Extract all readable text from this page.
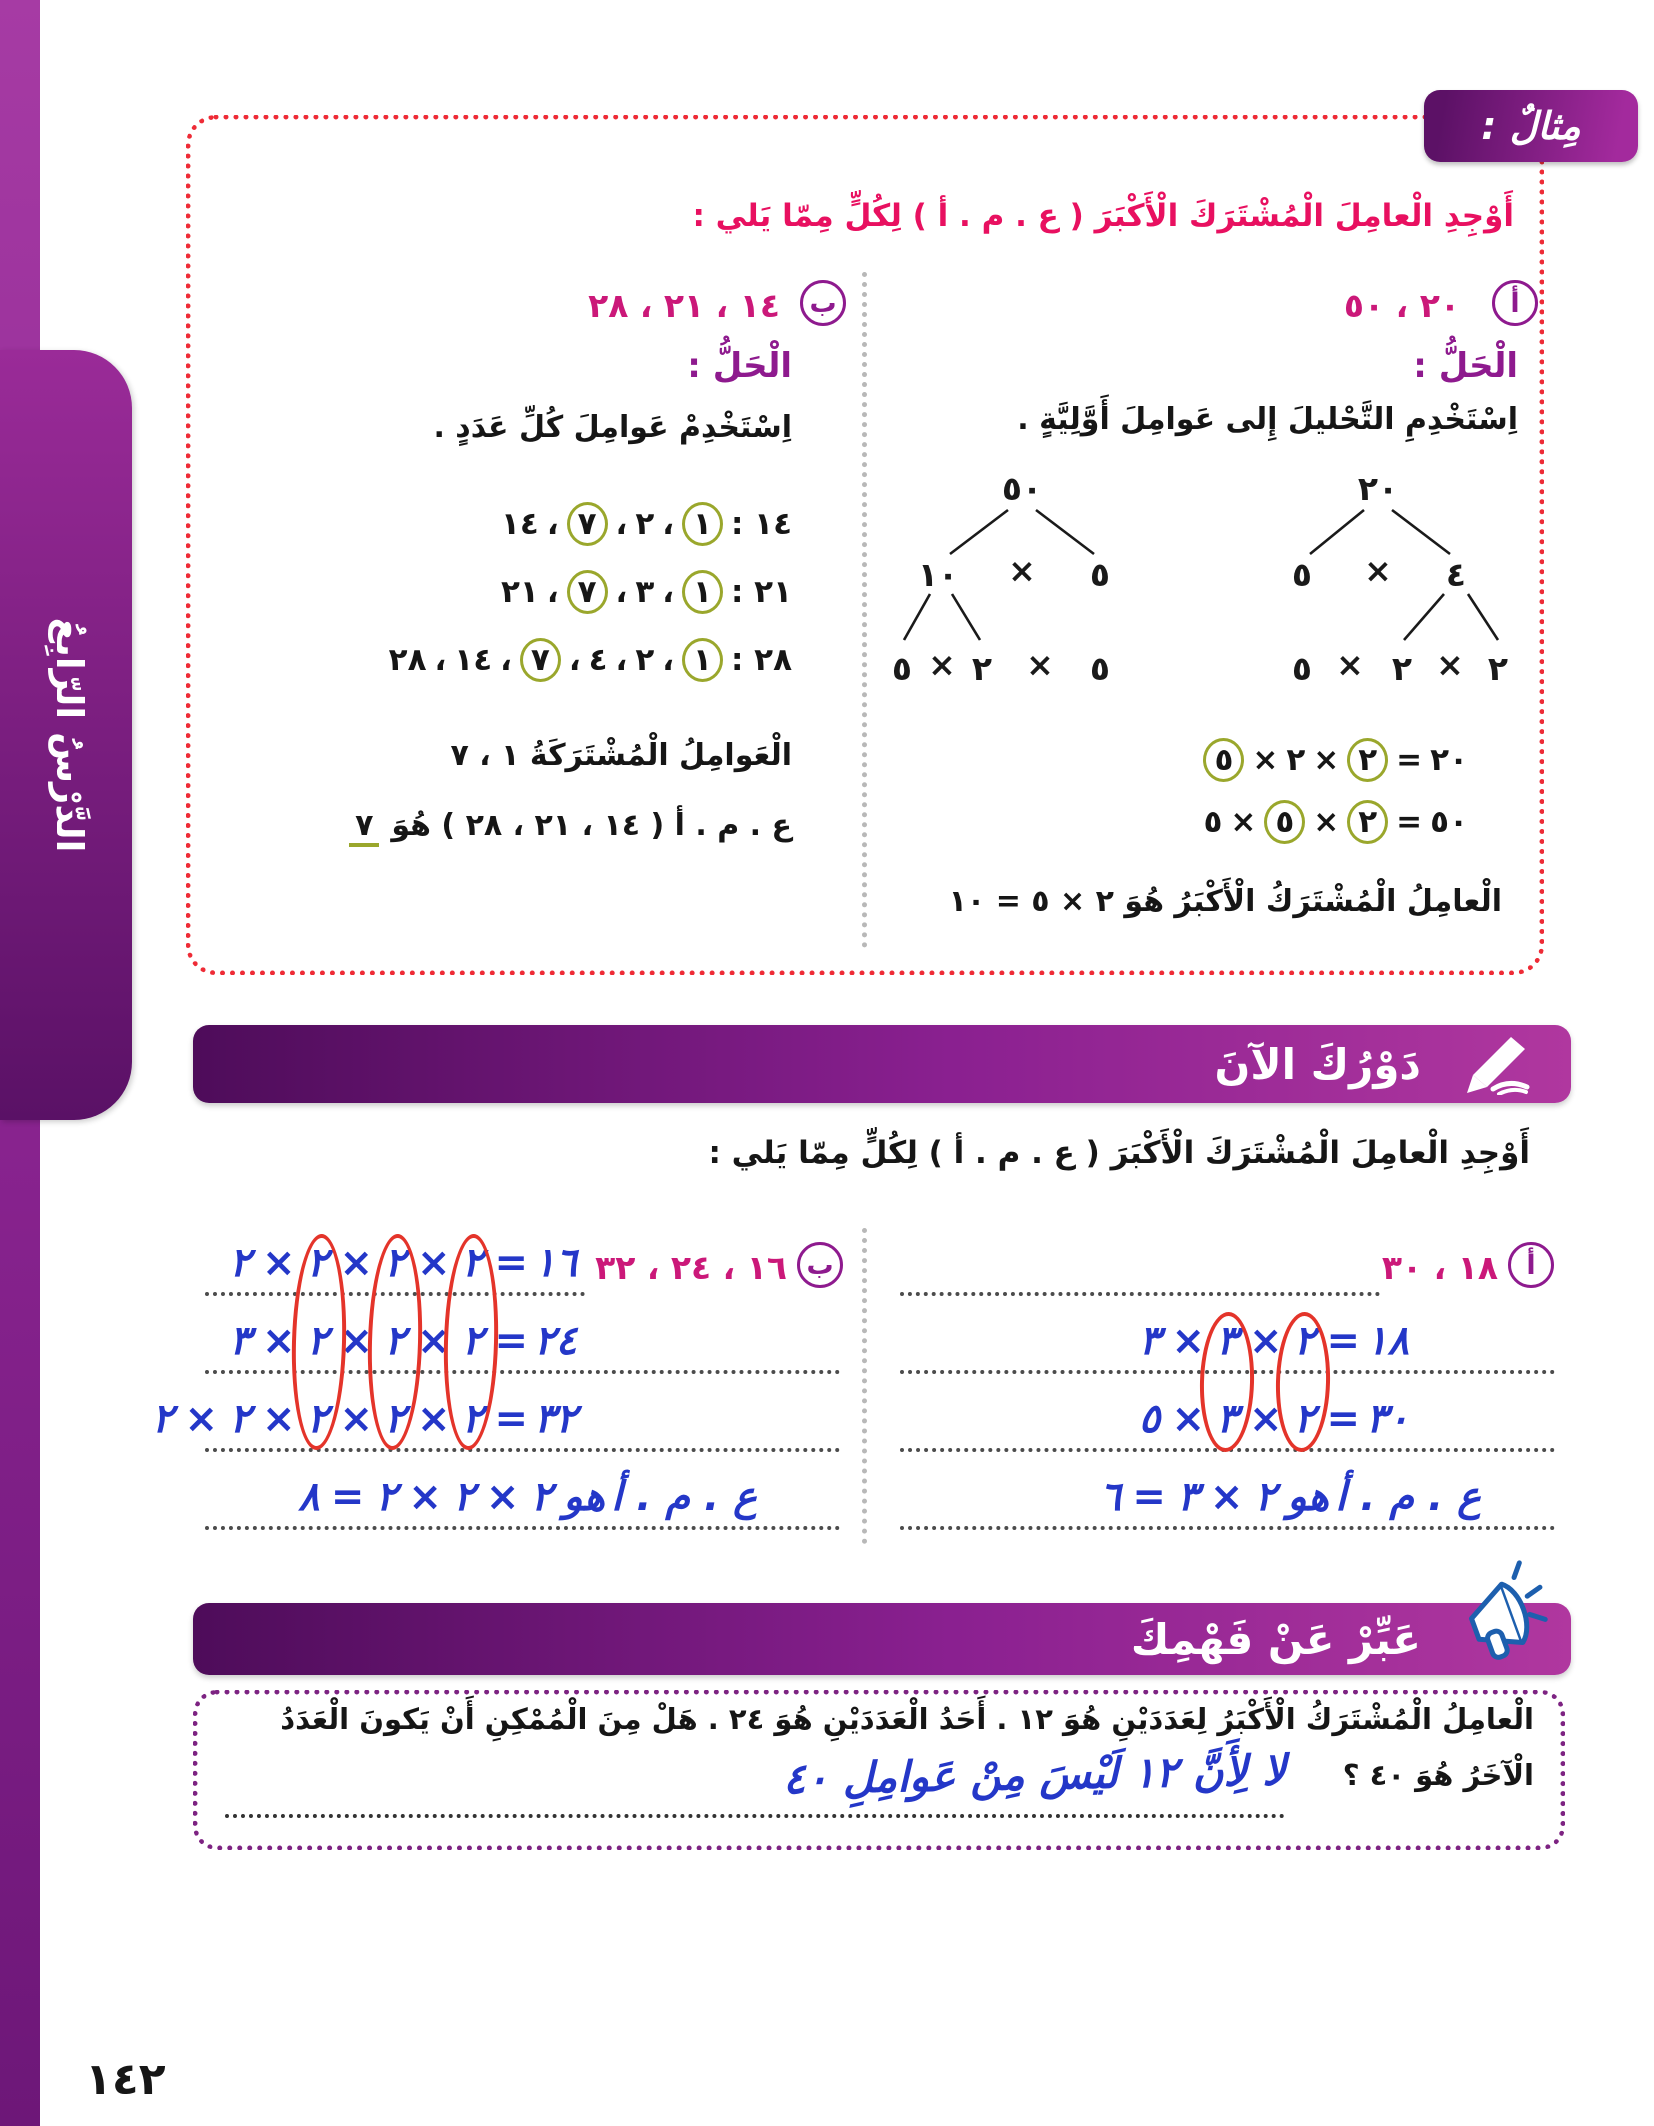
الدَّرْسُ الرّابِعُ
مِثالٌ :
أَوْجِدِ الْعامِلَ الْمُشْتَرَكَ الْأَكْبَرَ ( ع . م . أ ) لِكُلٍّ مِمّا يَلي :
أ
٢٠ ، ٥٠
الْحَلُّ :
اِسْتَخْدِمِ التَّحْليلَ إِلى عَوامِلَ أَوَّلِيَّةٍ .
٢٠
٥ × ٤
٥ × ٢ × ٢
٥٠
١٠ × ٥
٥ × ٢ × ٥
٢٠
=
٢
×
٢
×
٥
٥٠
=
٢
×
٥
×
٥
الْعامِلُ الْمُشْتَرَكُ الْأَكْبَرُ هُوَ ٢ × ٥ = ١٠
ب
١٤ ، ٢١ ، ٢٨
الْحَلُّ :
اِسْتَخْدِمْ عَوامِلَ كُلِّ عَدَدٍ .
١٤ :
١
،
٢
،
٧
،
١٤
٢١ :
١
،
٣
،
٧
،
٢١
٢٨ :
١
،
٢
،
٤
،
٧
،
١٤
،
٢٨
الْعَوامِلُ الْمُشْتَرَكَةُ ١ ، ٧
ع . م . أ ( ١٤ ، ٢١ ، ٢٨ ) هُوَ
٧
دَوْرُكَ الآنَ
أَوْجِدِ الْعامِلَ الْمُشْتَرَكَ الْأَكْبَرَ ( ع . م . أ ) لِكُلٍّ مِمّا يَلي :
أ
١٨ ، ٣٠
١٨
=
٢
×
٣
×
٣
٣٠
=
٢
×
٣
×
٥
ع . م . أ
هو
٢
×
٣
=
٦
ب
١٦ ، ٢٤ ، ٣٢
١٦
=
٢
×
٢
×
٢
×
٢
٢٤
=
٢
×
٢
×
٢
×
٣
٣٢
=
٢
×
٢
×
٢
×
٢
×
٢
ع . م . أ
هو
٢
×
٢
×
٢
=
٨
عَبِّرْ عَنْ فَهْمِكَ
الْعامِلُ الْمُشْتَرَكُ الْأَكْبَرُ لِعَدَدَيْنِ هُوَ ١٢ . أَحَدُ الْعَدَدَيْنِ هُوَ ٢٤ . هَلْ مِنَ الْمُمْكِنِ أَنْ يَكونَ الْعَدَدُ
الْآخَرُ هُوَ ٤٠ ؟
لا لِأَنَّ ١٢ لَيْسَ مِنْ عَوامِلِ ٤٠
١٤٢
